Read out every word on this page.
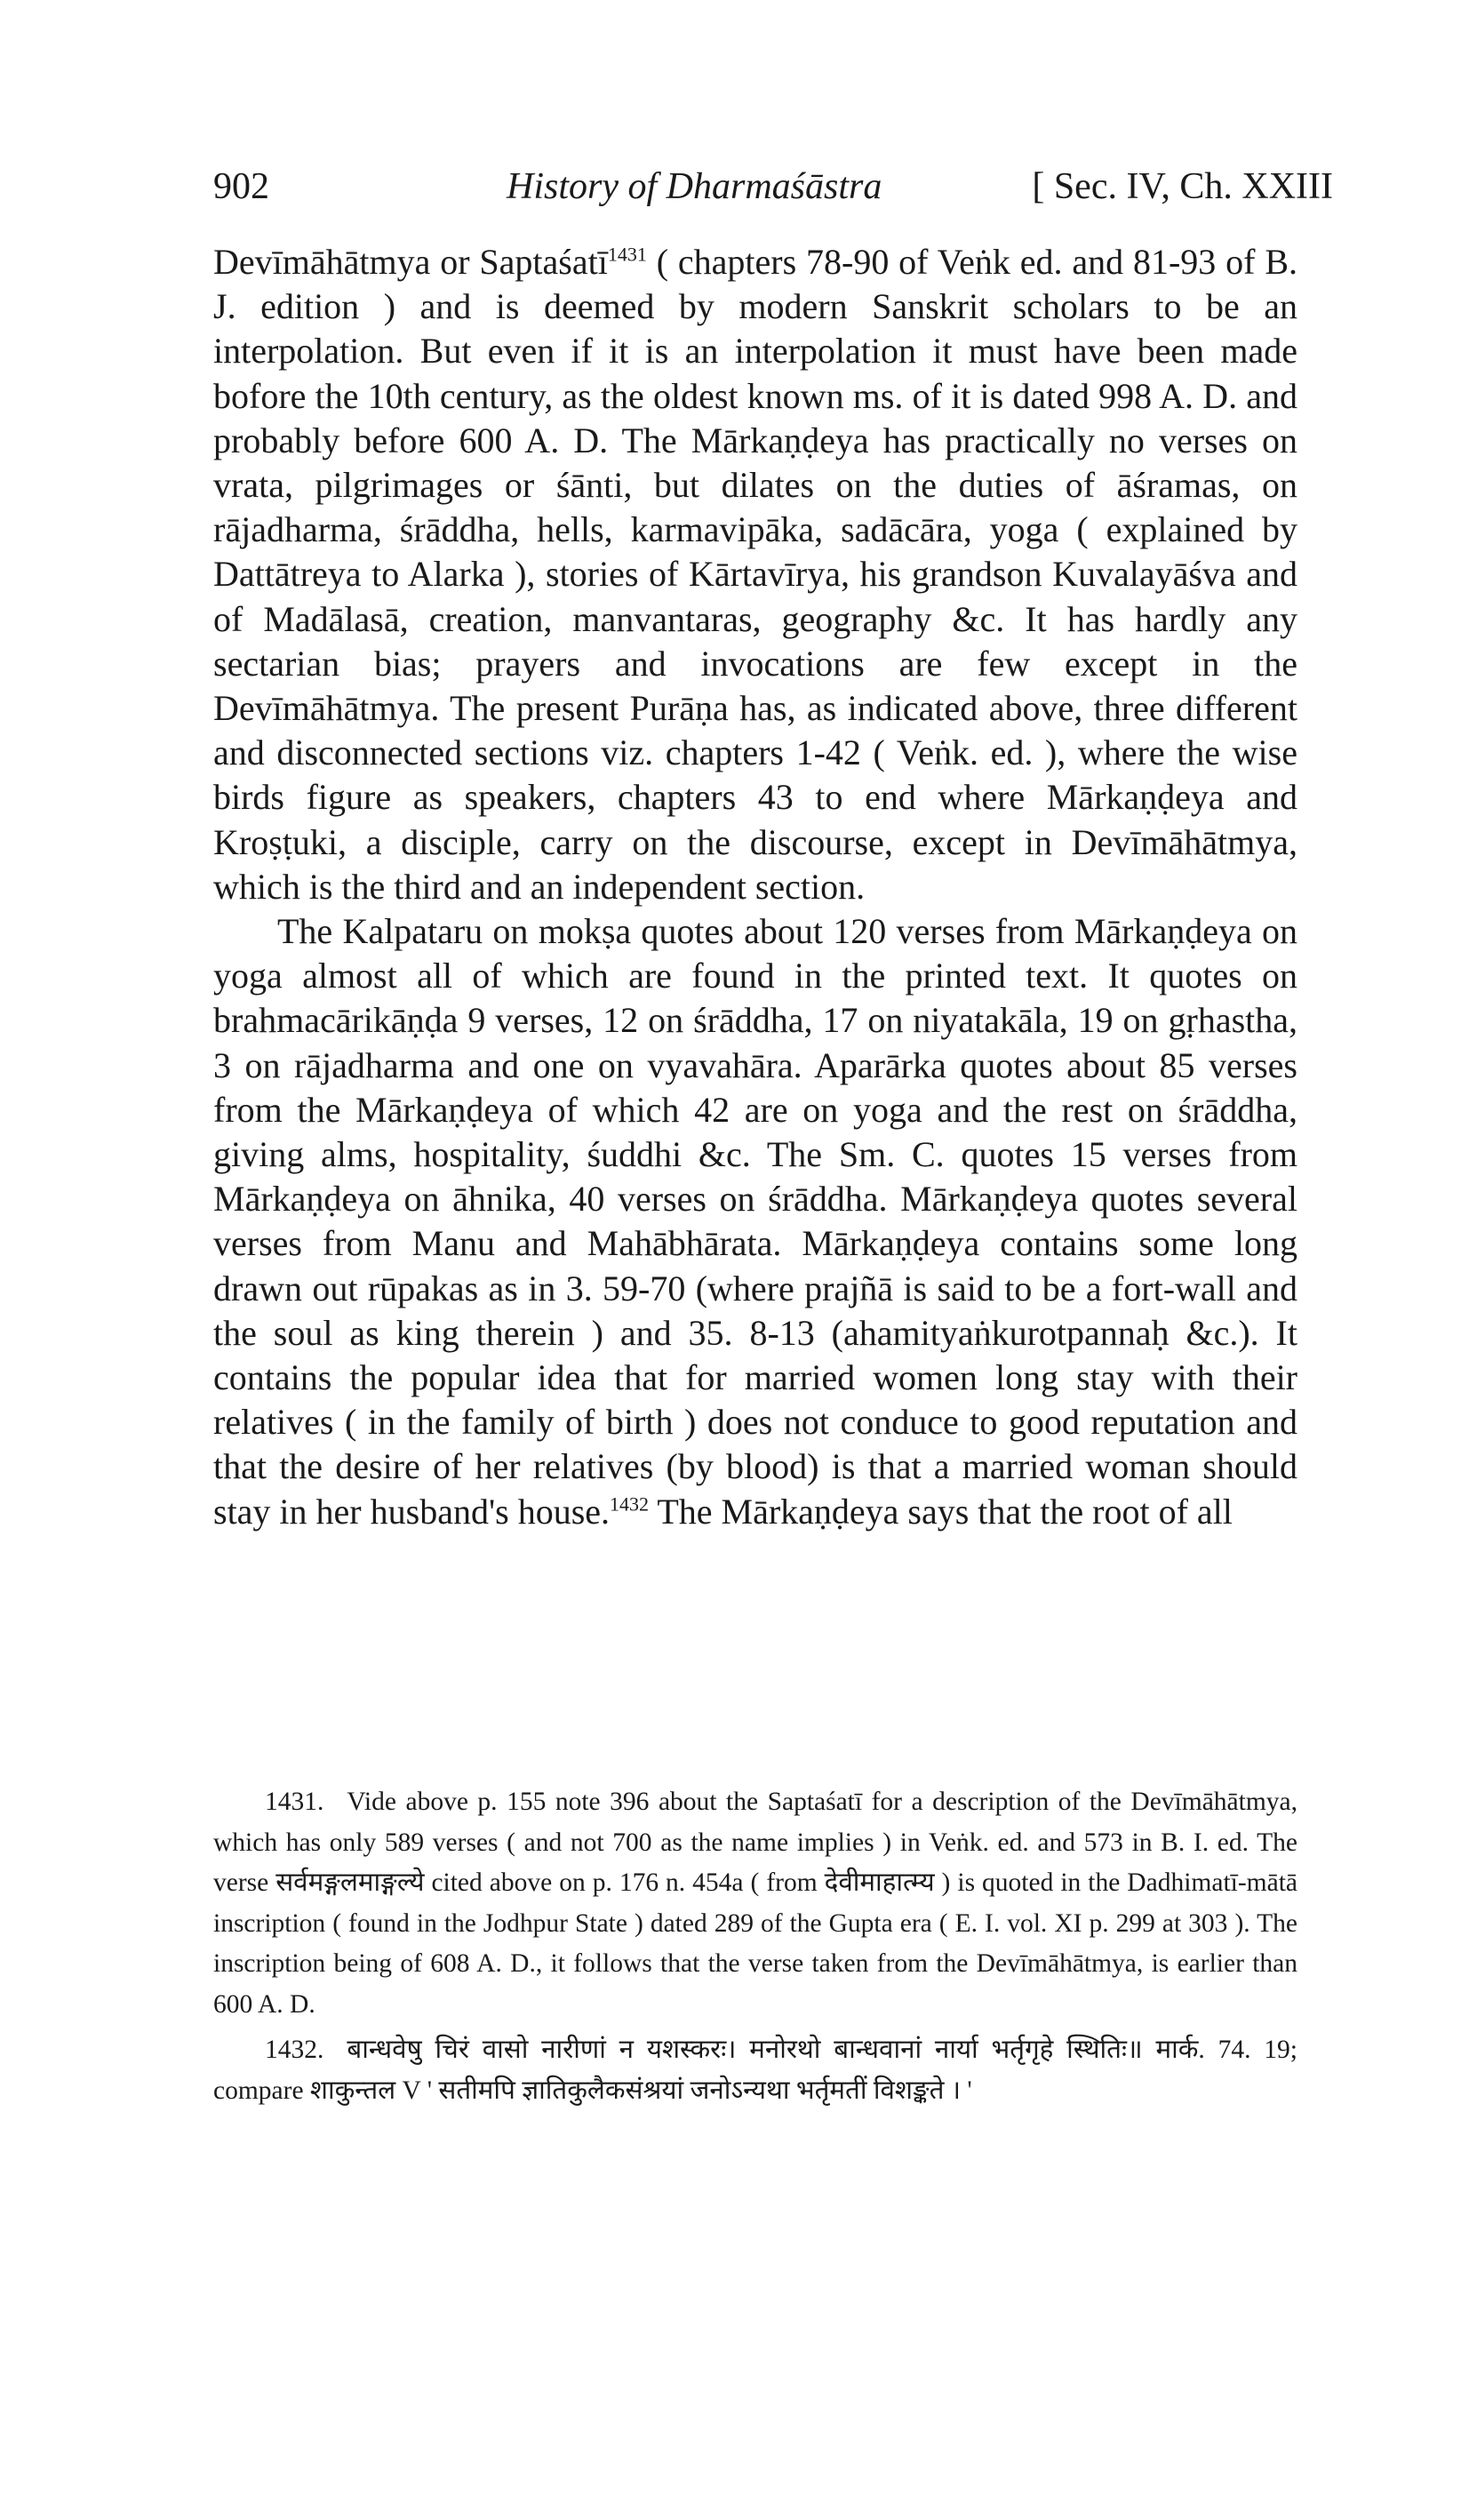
902	History of Dharmaśāstra	[ Sec. IV, Ch. XXIII

Devīmāhātmya or Saptaśatī$^{1431}$ ( chapters 78-90 of Veṅk ed. and 81-93 of B. J. edition ) and is deemed by modern Sanskrit scholars to be an interpolation. But even if it is an interpolation it must have been made bofore the 10th century, as the oldest known ms. of it is dated 998 A. D. and probably before 600 A. D. The Mārkaṇḍeya has practically no verses on vrata, pilgrimages or śānti, but dilates on the duties of āśramas, on rājadharma, śrāddha, hells, karmavipāka, sadācāra, yoga ( explained by Dattātreya to Alarka ), stories of Kārtavīrya, his grandson Kuvalayāśva and of Madālasā, creation, manvantaras, geography &c. It has hardly any sectarian bias; prayers and invocations are few except in the Devīmāhātmya. The present Purāṇa has, as indicated above, three different and disconnected sections viz. chapters 1-42 ( Veṅk. ed. ), where the wise birds figure as speakers, chapters 43 to end where Mārkaṇḍeya and Kroṣṭuki, a disciple, carry on the discourse, except in Devīmāhātmya, which is the third and an independent section.

The Kalpataru on mokṣa quotes about 120 verses from Mārkaṇḍeya on yoga almost all of which are found in the printed text. It quotes on brahmacārikāṇḍa 9 verses, 12 on śrāddha, 17 on niyatakāla, 19 on gṛhastha, 3 on rājadharma and one on vyavahāra. Aparārka quotes about 85 verses from the Mārkaṇḍeya of which 42 are on yoga and the rest on śrāddha, giving alms, hospitality, śuddhi &c. The Sm. C. quotes 15 verses from Mārkaṇḍeya on āhnika, 40 verses on śrāddha. Mārkaṇḍeya quotes several verses from Manu and Mahābhārata. Mārkaṇḍeya contains some long drawn out rūpakas as in 3. 59-70 (where prajñā is said to be a fort-wall and the soul as king therein ) and 35. 8-13 (ahamityaṅkurotpannaḥ &c.). It contains the popular idea that for married women long stay with their relatives ( in the family of birth ) does not conduce to good reputation and that the desire of her relatives (by blood) is that a married woman should stay in her husband's house.$^{1432}$ The Mārkaṇḍeya says that the root of all

1431. Vide above p. 155 note 396 about the Saptaśatī for a description of the Devīmāhātmya, which has only 589 verses ( and not 700 as the name implies ) in Veṅk. ed. and 573 in B. I. ed. The verse सर्वमङ्गलमाङ्गल्ये cited above on p. 176 n. 454a ( from देवीमाहात्म्य ) is quoted in the Dadhimatī-mātā inscription ( found in the Jodhpur State ) dated 289 of the Gupta era ( E. I. vol. XI p. 299 at 303 ). The inscription being of 608 A. D., it follows that the verse taken from the Devīmāhātmya, is earlier than 600 A. D.

1432. बान्धवेषु चिरं वासो नारीणां न यशस्करः। मनोरथो बान्धवानां नार्या भर्तृगृहे स्थितिः॥ मार्क. 74. 19; compare शाकुन्तल V ' सतीमपि ज्ञातिकुलैकसंश्रयां जनोऽन्यथा भर्तृमतीं विशङ्कते । '
